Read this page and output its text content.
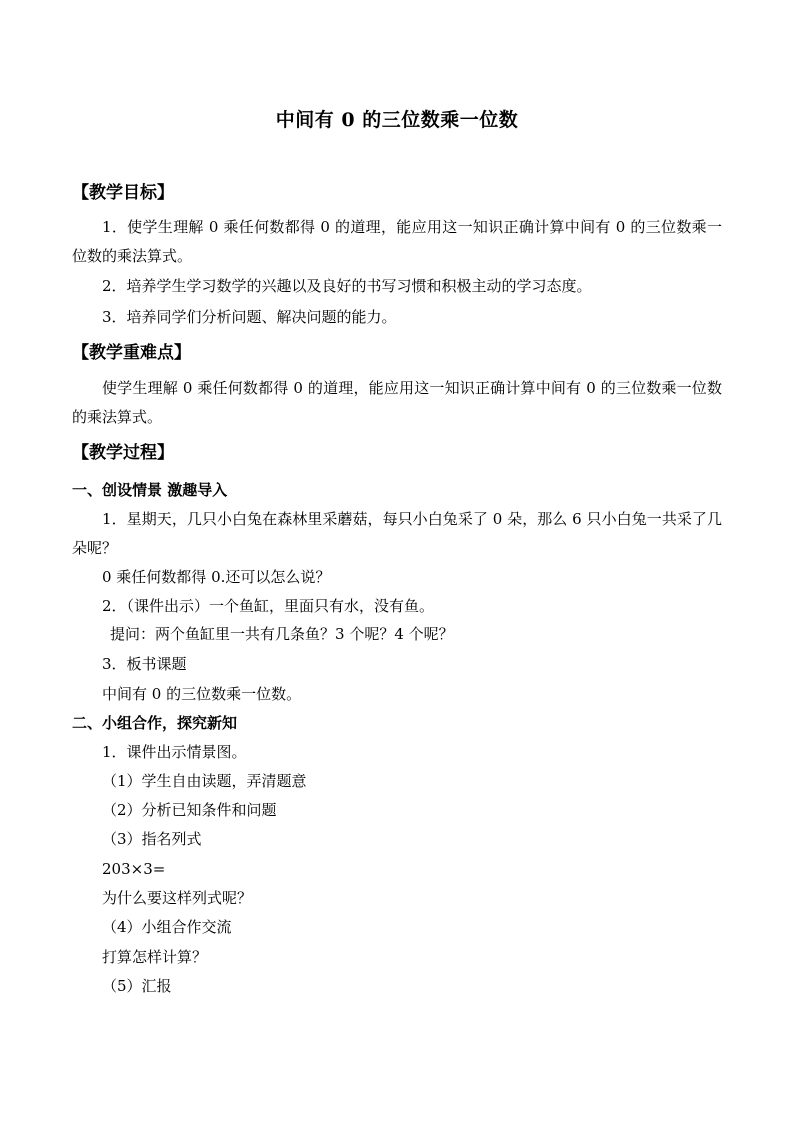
中间有 0 的三位数乘一位数
【教学目标】
1．使学生理解 0 乘任何数都得 0 的道理，能应用这一知识正确计算中间有 0 的三位数乘一位数的乘法算式。
2．培养学生学习数学的兴趣以及良好的书写习惯和积极主动的学习态度。
3．培养同学们分析问题、解决问题的能力。
【教学重难点】
使学生理解 0 乘任何数都得 0 的道理，能应用这一知识正确计算中间有 0 的三位数乘一位数的乘法算式。
【教学过程】
一、创设情景 激趣导入
1．星期天，几只小白兔在森林里采蘑菇，每只小白兔采了 0 朵，那么 6 只小白兔一共采了几朵呢？
0 乘任何数都得 0.还可以怎么说？
2．（课件出示）一个鱼缸，里面只有水，没有鱼。
提问：两个鱼缸里一共有几条鱼？3 个呢？4 个呢？
3．板书课题
中间有 0 的三位数乘一位数。
二、小组合作，探究新知
1．课件出示情景图。
（1）学生自由读题，弄清题意
（2）分析已知条件和问题
（3）指名列式
203×3=
为什么要这样列式呢？
（4）小组合作交流
打算怎样计算？
（5）汇报
